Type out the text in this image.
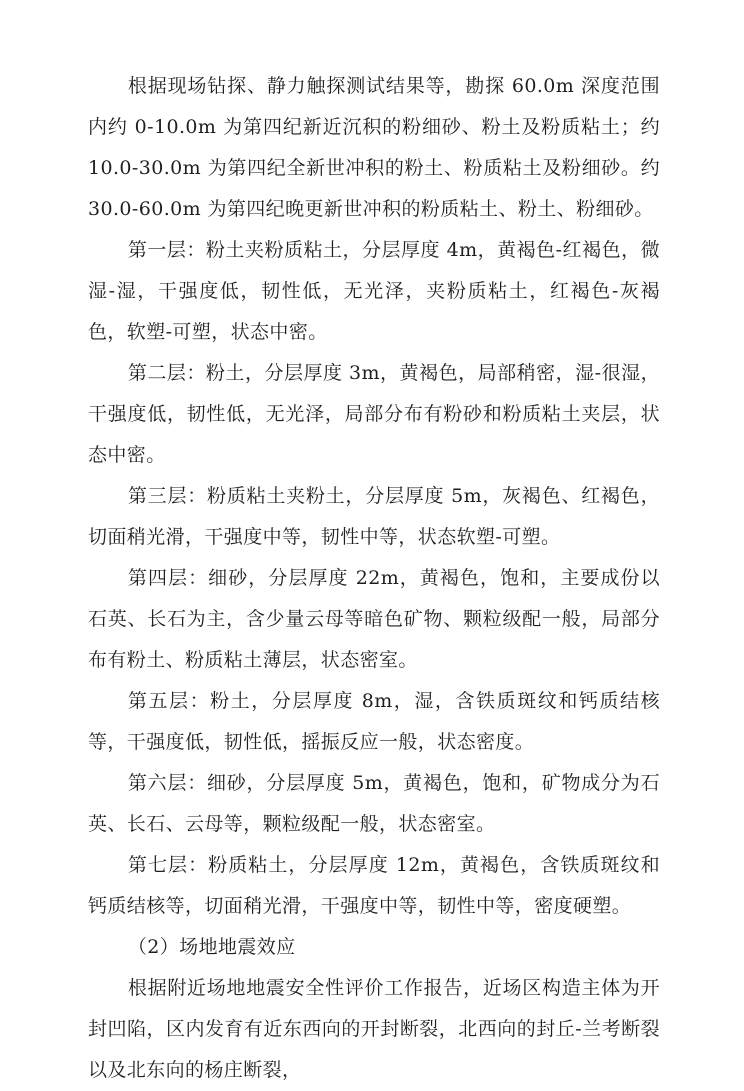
根据现场钻探、静力触探测试结果等，勘探 60.0m 深度范围内约 0-10.0m 为第四纪新近沉积的粉细砂、粉土及粉质粘土；约 10.0-30.0m 为第四纪全新世冲积的粉土、粉质粘土及粉细砂。约 30.0-60.0m 为第四纪晚更新世冲积的粉质粘土、粉土、粉细砂。

第一层：粉土夹粉质粘土，分层厚度 4m，黄褐色-红褐色，微湿-湿，干强度低，韧性低，无光泽，夹粉质粘土，红褐色-灰褐色，软塑-可塑，状态中密。

第二层：粉土，分层厚度 3m，黄褐色，局部稍密，湿-很湿，干强度低，韧性低，无光泽，局部分布有粉砂和粉质粘土夹层，状态中密。

第三层：粉质粘土夹粉土，分层厚度 5m，灰褐色、红褐色，切面稍光滑，干强度中等，韧性中等，状态软塑-可塑。

第四层：细砂，分层厚度 22m，黄褐色，饱和，主要成份以石英、长石为主，含少量云母等暗色矿物、颗粒级配一般，局部分布有粉土、粉质粘土薄层，状态密室。

第五层：粉土，分层厚度 8m，湿，含铁质斑纹和钙质结核等，干强度低，韧性低，摇振反应一般，状态密度。

第六层：细砂，分层厚度 5m，黄褐色，饱和，矿物成分为石英、长石、云母等，颗粒级配一般，状态密室。

第七层：粉质粘土，分层厚度 12m，黄褐色，含铁质斑纹和钙质结核等，切面稍光滑，干强度中等，韧性中等，密度硬塑。

（2）场地地震效应

根据附近场地地震安全性评价工作报告，近场区构造主体为开封凹陷，区内发育有近东西向的开封断裂，北西向的封丘-兰考断裂以及北东向的杨庄断裂，
